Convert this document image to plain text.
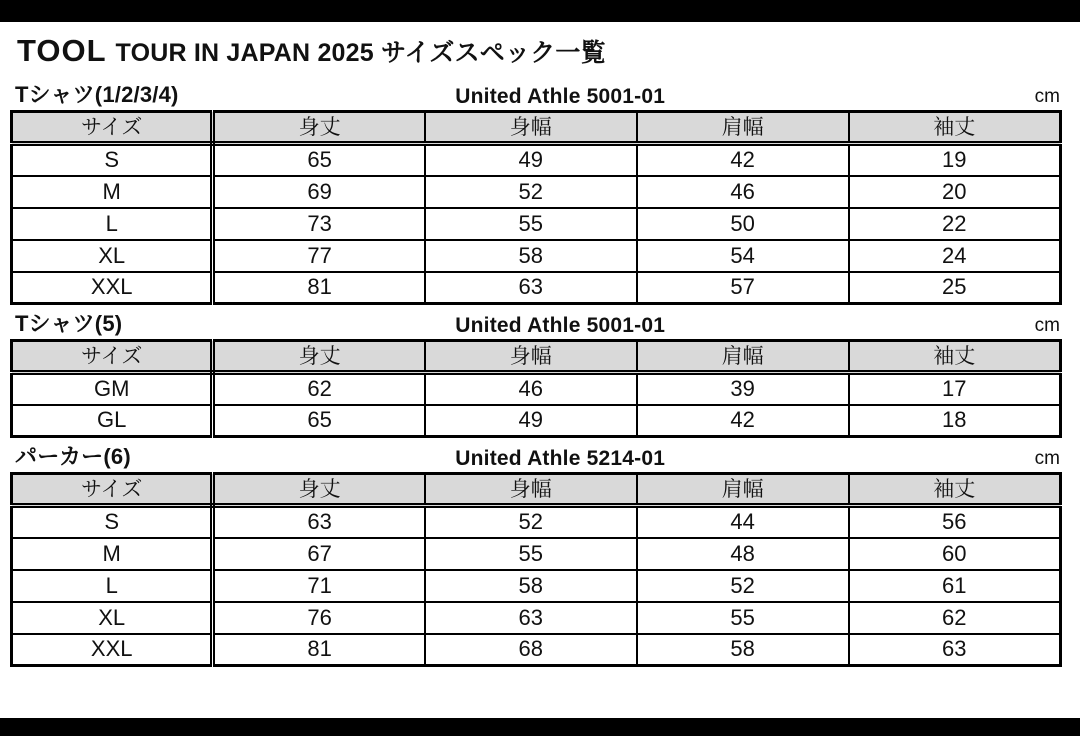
TOOL TOUR IN JAPAN 2025 サイズスペック一覧
Tシャツ(1/2/3/4)	United Athle 5001-01	cm
サイズ	身丈	身幅	肩幅	袖丈
S	65	49	42	19
M	69	52	46	20
L	73	55	50	22
XL	77	58	54	24
XXL	81	63	57	25
Tシャツ(5)	United Athle 5001-01	cm
サイズ	身丈	身幅	肩幅	袖丈
GM	62	46	39	17
GL	65	49	42	18
パーカー(6)	United Athle 5214-01	cm
サイズ	身丈	身幅	肩幅	袖丈
S	63	52	44	56
M	67	55	48	60
L	71	58	52	61
XL	76	63	55	62
XXL	81	68	58	63
